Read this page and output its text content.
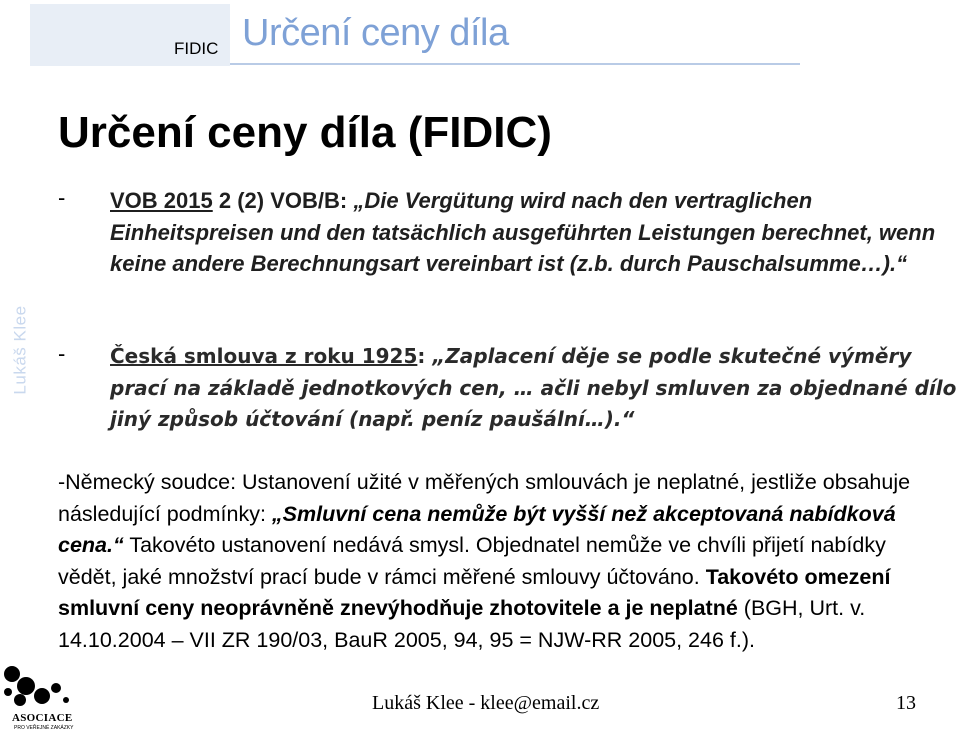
FIDIC Určení ceny díla
Lukáš Klee
Určení ceny díla (FIDIC)
- VOB 2015 2 (2) VOB/B: „Die Vergütung wird nach den vertraglichen Einheitspreisen und den tatsächlich ausgeführten Leistungen berechnet, wenn keine andere Berechnungsart vereinbart ist (z.b. durch Pauschalsumme…).“
- Česká smlouva z roku 1925: „Zaplacení děje se podle skutečné výměry prací na základě jednotkových cen, … ačli nebyl smluven za objednané dílo jiný způsob účtování (např. peníz paušální…).“
-Německý soudce: Ustanovení užité v měřených smlouvách je neplatné, jestliže obsahuje následující podmínky: „Smluvní cena nemůže být vyšší než akceptovaná nabídková cena.“ Takovéto ustanovení nedává smysl. Objednatel nemůže ve chvíli přijetí nabídky vědět, jaké množství prací bude v rámci měřené smlouvy účtováno. Takovéto omezení smluvní ceny neoprávněně znevýhodňuje zhotovitele a je neplatné (BGH, Urt. v. 14.10.2004 – VII ZR 190/03, BauR 2005, 94, 95 = NJW-RR 2005, 246 f.).
Lukáš Klee - klee@email.cz	13
ASOCIACE
PRO VEŘEJNÉ ZAKÁZKY
